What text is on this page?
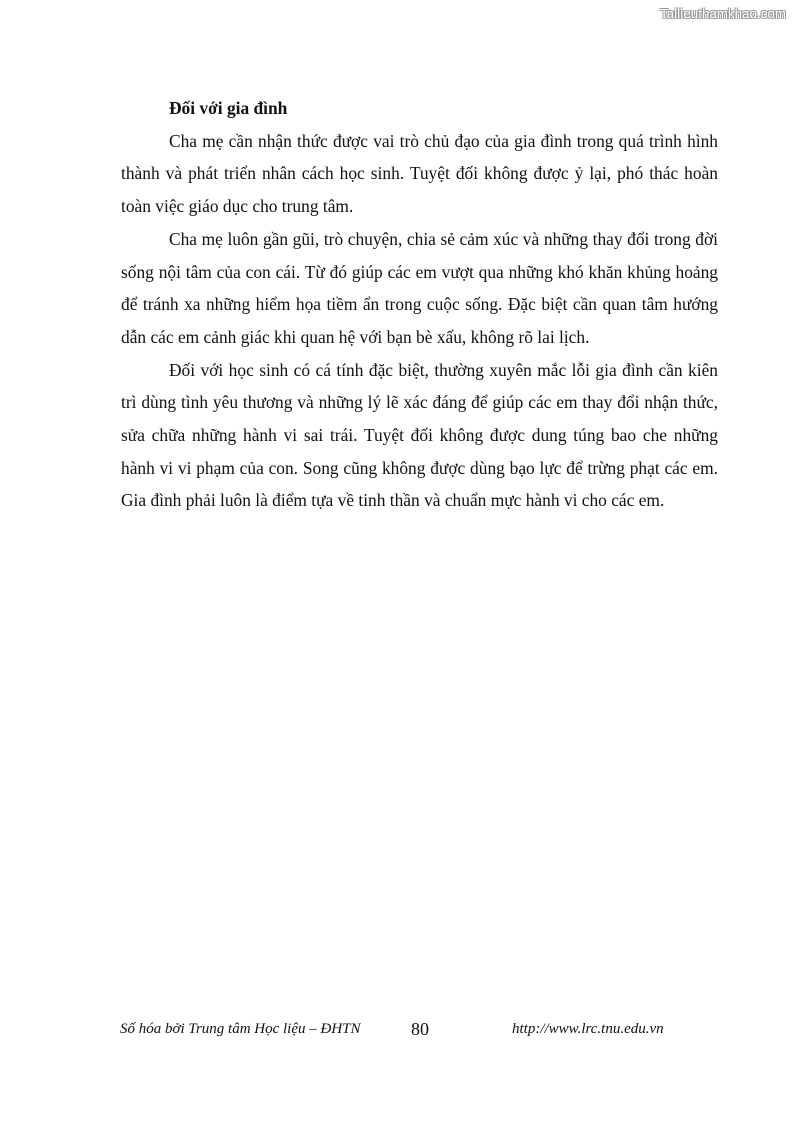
Tailieuthamkhao.com

Đối với gia đình

Cha mẹ cần nhận thức được vai trò chủ đạo của gia đình trong quá trình hình thành và phát triển nhân cách học sinh. Tuyệt đối không được ỷ lại, phó thác hoàn toàn việc giáo dục cho trung tâm.

Cha mẹ luôn gần gũi, trò chuyện, chia sẻ cảm xúc và những thay đổi trong đời sống nội tâm của con cái. Từ đó giúp các em vượt qua những khó khăn khủng hoảng để tránh xa những hiểm họa tiềm ẩn trong cuộc sống. Đặc biệt cần quan tâm hướng dẫn các em cảnh giác khi quan hệ với bạn bè xấu, không rõ lai lịch.

Đối với học sinh có cá tính đặc biệt, thường xuyên mắc lỗi gia đình cần kiên trì dùng tình yêu thương và những lý lẽ xác đáng để giúp các em thay đổi nhận thức, sửa chữa những hành vi sai trái. Tuyệt đối không được dung túng bao che những hành vi vi phạm của con. Song cũng không được dùng bạo lực để trừng phạt các em. Gia đình phải luôn là điểm tựa về tinh thần và chuẩn mực hành vi cho các em.

Số hóa bởi Trung tâm Học liệu – ĐHTN	80	http://www.lrc.tnu.edu.vn
